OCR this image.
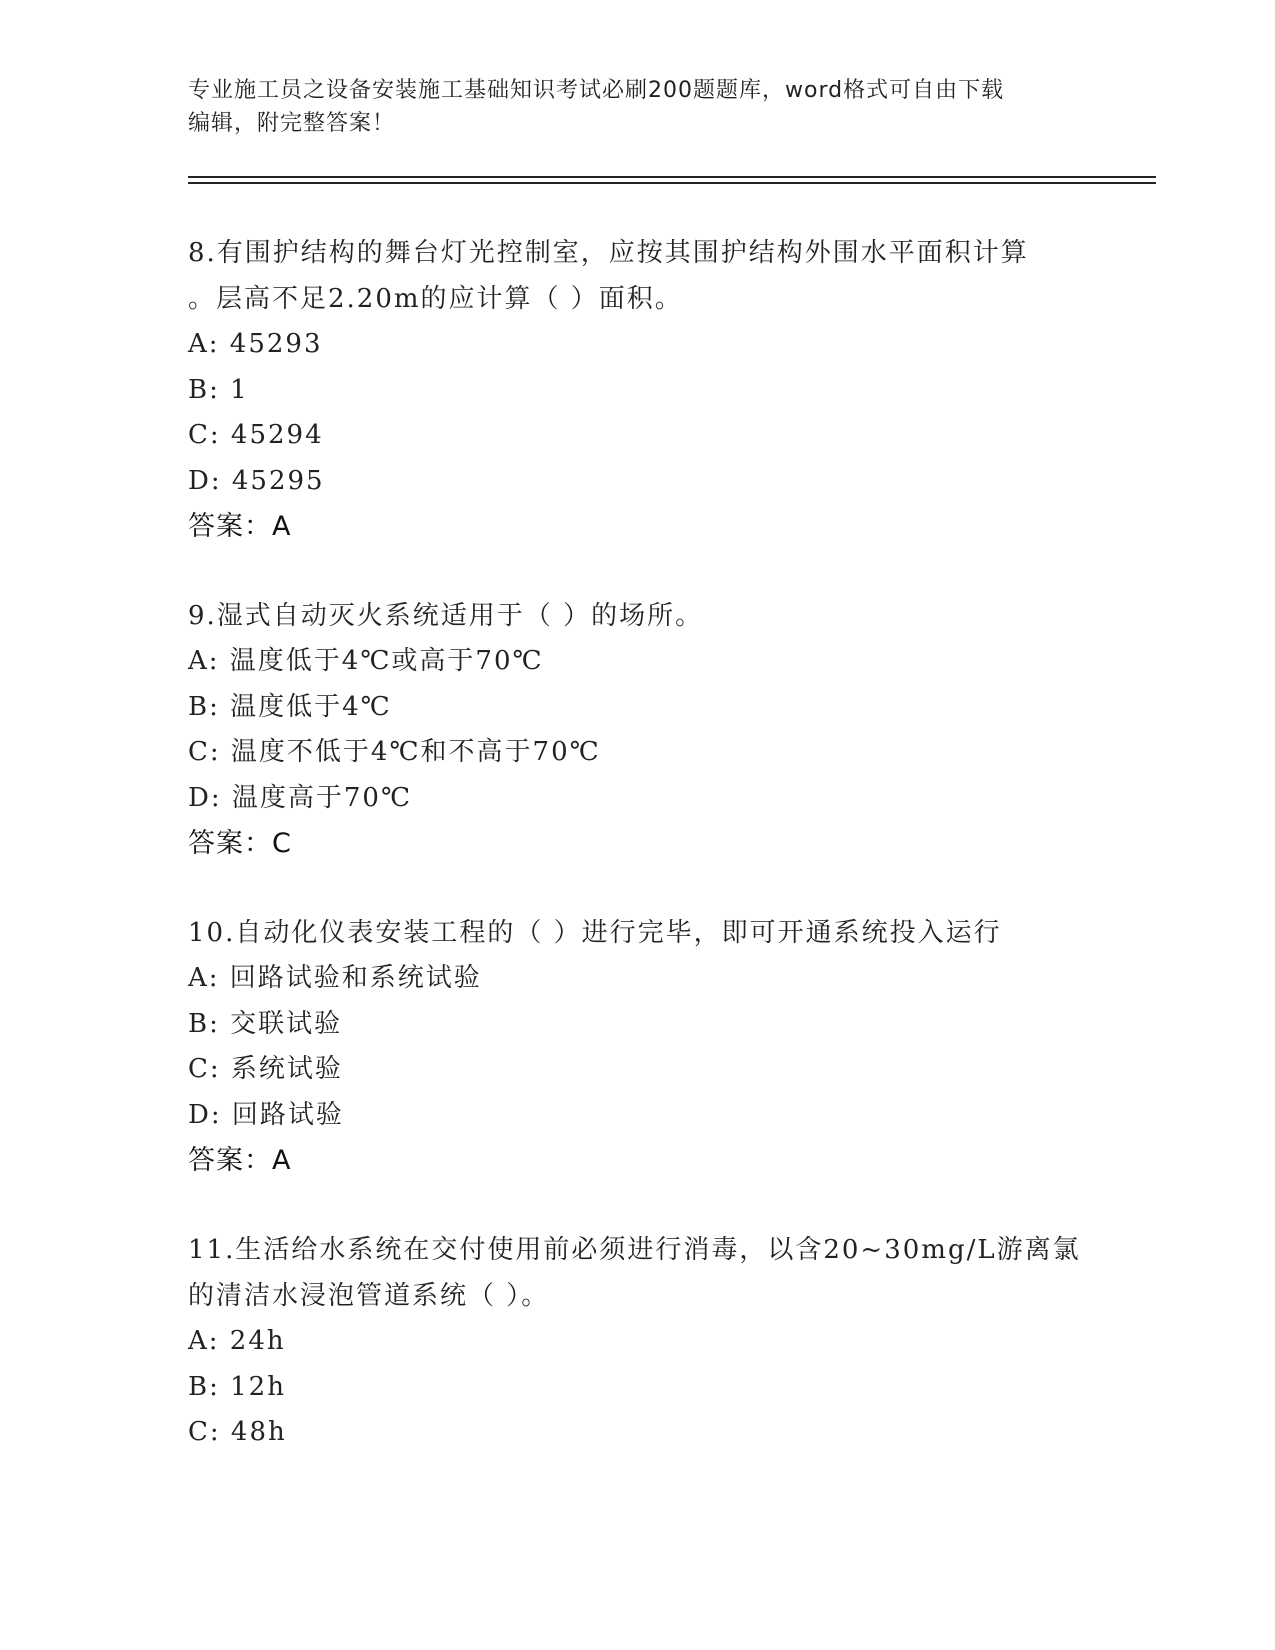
专业施工员之设备安装施工基础知识考试必刷200题题库，word格式可自由下载
编辑，附完整答案！

8.有围护结构的舞台灯光控制室，应按其围护结构外围水平面积计算

。层高不足2.20m的应计算（ ）面积。

A: 45293

B: 1

C: 45294

D: 45295

答案：A

9.湿式自动灭火系统适用于（ ）的场所。

A: 温度低于4℃或高于70℃

B: 温度低于4℃

C: 温度不低于4℃和不高于70℃

D: 温度高于70℃

答案：C

10.自动化仪表安装工程的（ ）进行完毕，即可开通系统投入运行

A: 回路试验和系统试验

B: 交联试验

C: 系统试验

D: 回路试验

答案：A

11.生活给水系统在交付使用前必须进行消毒，以含20~30mg/L游离氯

的清洁水浸泡管道系统（ ）。

A: 24h

B: 12h

C: 48h
